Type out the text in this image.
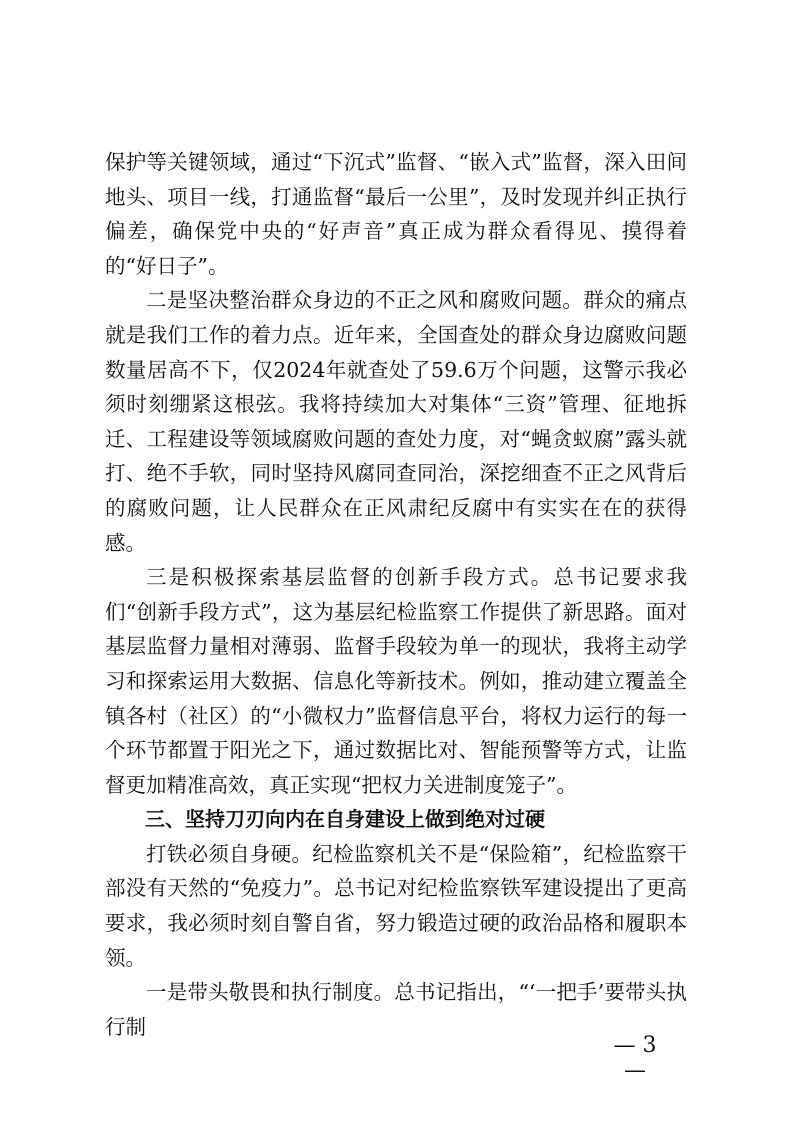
保护等关键领域，通过“下沉式”监督、“嵌入式”监督，深入田间地头、项目一线，打通监督“最后一公里”，及时发现并纠正执行偏差，确保党中央的“好声音”真正成为群众看得见、摸得着的“好日子”。

二是坚决整治群众身边的不正之风和腐败问题。群众的痛点就是我们工作的着力点。近年来，全国查处的群众身边腐败问题数量居高不下，仅2024年就查处了59.6万个问题，这警示我必须时刻绷紧这根弦。我将持续加大对集体“三资”管理、征地拆迁、工程建设等领域腐败问题的查处力度，对“蝇贪蚁腐”露头就打、绝不手软，同时坚持风腐同查同治，深挖细查不正之风背后的腐败问题，让人民群众在正风肃纪反腐中有实实在在的获得感。

三是积极探索基层监督的创新手段方式。总书记要求我们“创新手段方式”，这为基层纪检监察工作提供了新思路。面对基层监督力量相对薄弱、监督手段较为单一的现状，我将主动学习和探索运用大数据、信息化等新技术。例如，推动建立覆盖全镇各村（社区）的“小微权力”监督信息平台，将权力运行的每一个环节都置于阳光之下，通过数据比对、智能预警等方式，让监督更加精准高效，真正实现“把权力关进制度笼子”。

三、坚持刀刃向内在自身建设上做到绝对过硬

打铁必须自身硬。纪检监察机关不是“保险箱”，纪检监察干部没有天然的“免疫力”。总书记对纪检监察铁军建设提出了更高要求，我必须时刻自警自省，努力锻造过硬的政治品格和履职本领。

一是带头敬畏和执行制度。总书记指出，“‘一把手’要带头执行制

— 3 —
